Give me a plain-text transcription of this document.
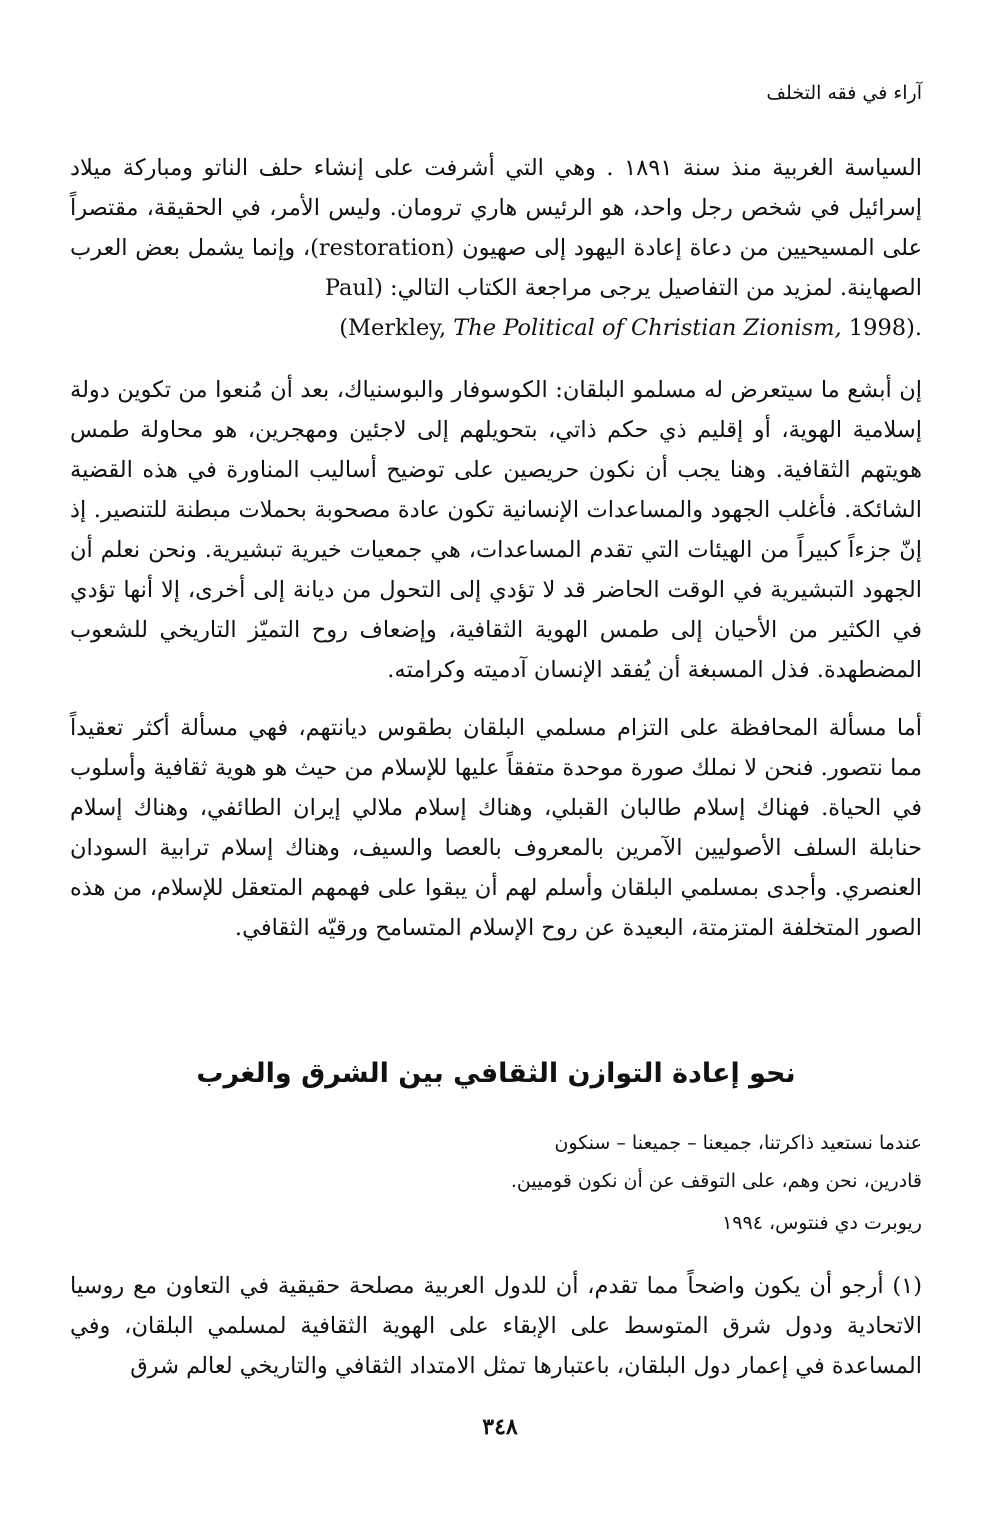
آراء في فقه التخلف
السياسة الغربية منذ سنة ١٨٩١ . وهي التي أشرفت على إنشاء حلف الناتو ومباركة ميلاد إسرائيل في شخص رجل واحد، هو الرئيس هاري ترومان. وليس الأمر، في الحقيقة، مقتصراً على المسيحيين من دعاة إعادة اليهود إلى صهيون (restoration)، وإنما يشمل بعض العرب الصهاينة. لمزيد من التفاصيل يرجى مراجعة الكتاب التالي: (Paul
(Merkley, The Political of Christian Zionism, 1998).
إن أبشع ما سيتعرض له مسلمو البلقان: الكوسوفار والبوسنياك، بعد أن مُنعوا من تكوين دولة إسلامية الهوية، أو إقليم ذي حكم ذاتي، بتحويلهم إلى لاجئين ومهجرين، هو محاولة طمس هويتهم الثقافية. وهنا يجب أن نكون حريصين على توضيح أساليب المناورة في هذه القضية الشائكة. فأغلب الجهود والمساعدات الإنسانية تكون عادة مصحوبة بحملات مبطنة للتنصير. إذ إنّ جزءاً كبيراً من الهيئات التي تقدم المساعدات، هي جمعيات خيرية تبشيرية. ونحن نعلم أن الجهود التبشيرية في الوقت الحاضر قد لا تؤدي إلى التحول من ديانة إلى أخرى، إلا أنها تؤدي في الكثير من الأحيان إلى طمس الهوية الثقافية، وإضعاف روح التميّز التاريخي للشعوب المضطهدة. فذل المسبغة أن يُفقد الإنسان آدميته وكرامته.
أما مسألة المحافظة على التزام مسلمي البلقان بطقوس ديانتهم، فهي مسألة أكثر تعقيداً مما نتصور. فنحن لا نملك صورة موحدة متفقاً عليها للإسلام من حيث هو هوية ثقافية وأسلوب في الحياة. فهناك إسلام طالبان القبلي، وهناك إسلام ملالي إيران الطائفي، وهناك إسلام حنابلة السلف الأصوليين الآمرين بالمعروف بالعصا والسيف، وهناك إسلام ترابية السودان العنصري. وأجدى بمسلمي البلقان وأسلم لهم أن يبقوا على فهمهم المتعقل للإسلام، من هذه الصور المتخلفة المتزمتة، البعيدة عن روح الإسلام المتسامح ورقيّه الثقافي.
نحو إعادة التوازن الثقافي بين الشرق والغرب
عندما نستعيد ذاكرتنا، جميعنا – جميعنا – سنكون
قادرين، نحن وهم، على التوقف عن أن نكون قوميين.
ريوبرت دي فنتوس، ١٩٩٤
(١) أرجو أن يكون واضحاً مما تقدم، أن للدول العربية مصلحة حقيقية في التعاون مع روسيا الاتحادية ودول شرق المتوسط على الإبقاء على الهوية الثقافية لمسلمي البلقان، وفي المساعدة في إعمار دول البلقان، باعتبارها تمثل الامتداد الثقافي والتاريخي لعالم شرق
٣٤٨
